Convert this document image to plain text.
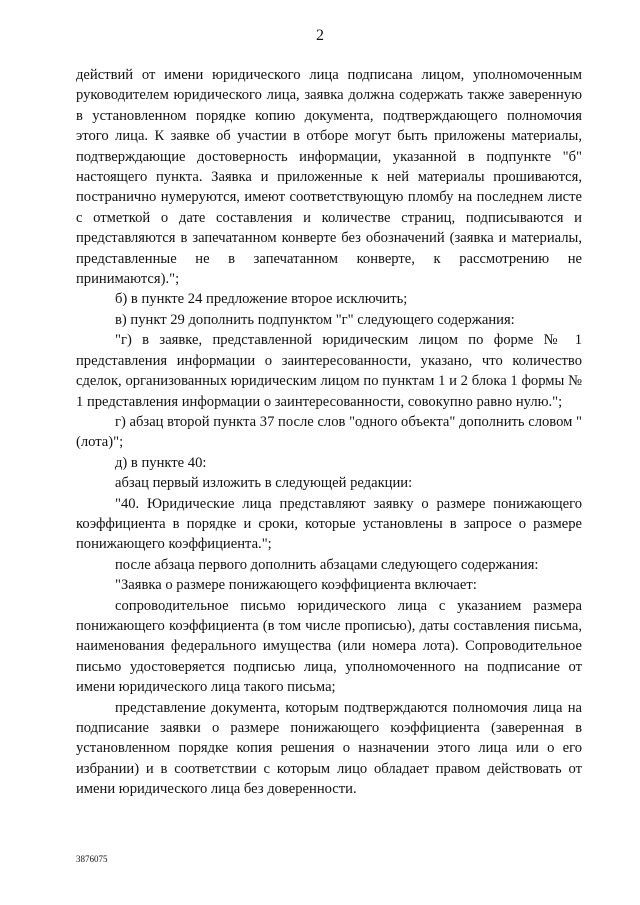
2

действий от имени юридического лица подписана лицом, уполномоченным руководителем юридического лица, заявка должна содержать также заверенную в установленном порядке копию документа, подтверждающего полномочия этого лица. К заявке об участии в отборе могут быть приложены материалы, подтверждающие достоверность информации, указанной в подпункте "б" настоящего пункта. Заявка и приложенные к ней материалы прошиваются, постранично нумеруются, имеют соответствующую пломбу на последнем листе с отметкой о дате составления и количестве страниц, подписываются и представляются в запечатанном конверте без обозначений (заявка и материалы, представленные не в запечатанном конверте, к рассмотрению не принимаются).";

б) в пункте 24 предложение второе исключить;

в) пункт 29 дополнить подпунктом "г" следующего содержания:

"г) в заявке, представленной юридическим лицом по форме № 1 представления информации о заинтересованности, указано, что количество сделок, организованных юридическим лицом по пунктам 1 и 2 блока 1 формы № 1 представления информации о заинтересованности, совокупно равно нулю.";

г) абзац второй пункта 37 после слов "одного объекта" дополнить словом "(лота)";

д) в пункте 40:

абзац первый изложить в следующей редакции:

"40. Юридические лица представляют заявку о размере понижающего коэффициента в порядке и сроки, которые установлены в запросе о размере понижающего коэффициента.";

после абзаца первого дополнить абзацами следующего содержания:

"Заявка о размере понижающего коэффициента включает:

сопроводительное письмо юридического лица с указанием размера понижающего коэффициента (в том числе прописью), даты составления письма, наименования федерального имущества (или номера лота). Сопроводительное письмо удостоверяется подписью лица, уполномоченного на подписание от имени юридического лица такого письма;

представление документа, которым подтверждаются полномочия лица на подписание заявки о размере понижающего коэффициента (заверенная в установленном порядке копия решения о назначении этого лица или о его избрании) и в соответствии с которым лицо обладает правом действовать от имени юридического лица без доверенности.

3876075
